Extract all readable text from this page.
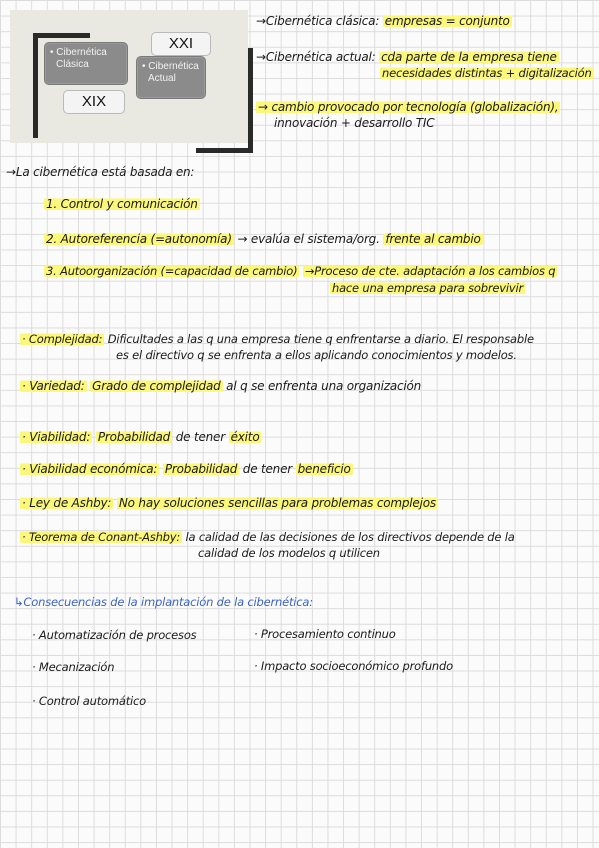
• Cibernética
Clásica	• Cibernética
Actual
XXI
XIX
→Cibernética clásica: empresas = conjunto
→Cibernética actual: cda parte de la empresa tiene
necesidades distintas + digitalización
→ cambio provocado por tecnología (globalización),
innovación + desarrollo TIC
→La cibernética está basada en:
1. Control y comunicación
2. Autoreferencia (=autonomía) → evalúa el sistema/org. frente al cambio
3. Autoorganización (=capacidad de cambio) →Proceso de cte. adaptación a los cambios q
hace una empresa para sobrevivir
· Complejidad: Dificultades a las q una empresa tiene q enfrentarse a diario. El responsable
es el directivo q se enfrenta a ellos aplicando conocimientos y modelos.
· Variedad: Grado de complejidad al q se enfrenta una organización
· Viabilidad: Probabilidad de tener éxito
· Viabilidad económica: Probabilidad de tener beneficio
· Ley de Ashby: No hay soluciones sencillas para problemas complejos
· Teorema de Conant-Ashby: la calidad de las decisiones de los directivos depende de la
calidad de los modelos q utilicen
↳Consecuencias de la implantación de la cibernética:
· Automatización de procesos	· Procesamiento continuo
· Mecanización	· Impacto socioeconómico profundo
· Control automático
